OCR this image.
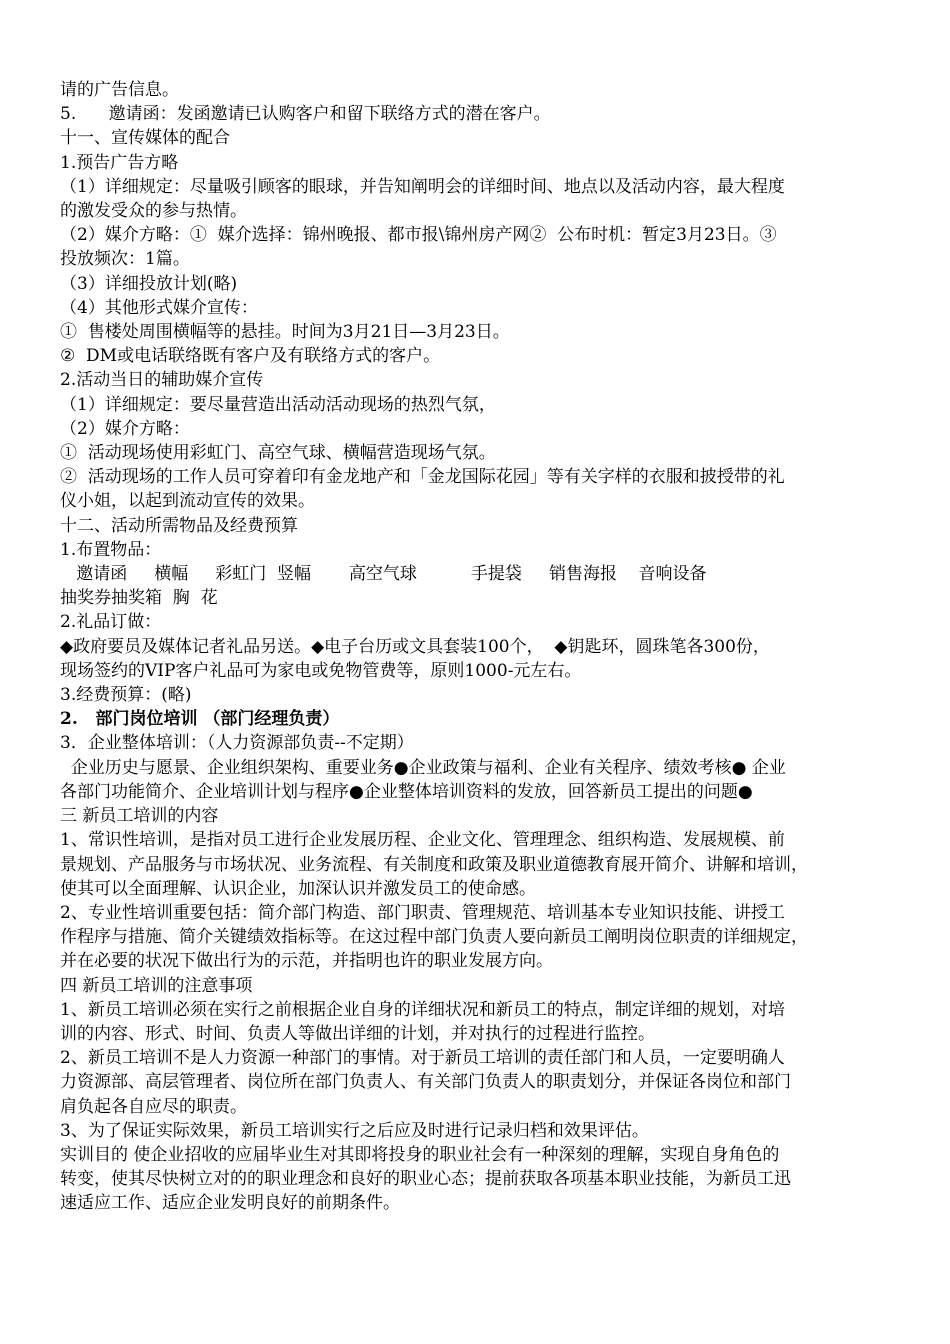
请的广告信息。
5.      邀请函：发函邀请已认购客户和留下联络方式的潜在客户。
十一、宣传媒体的配合
1.预告广告方略
（1）详细规定：尽量吸引顾客的眼球，并告知阐明会的详细时间、地点以及活动内容，最大程度
的激发受众的参与热情。
（2）媒介方略：①  媒介选择：锦州晚报、都市报\锦州房产网②  公布时机：暂定3月23日。③
投放频次：1篇。
（3）详细投放计划(略)
（4）其他形式媒介宣传：
①  售楼处周围横幅等的悬挂。时间为3月21日—3月23日。
②  DM或电话联络既有客户及有联络方式的客户。
2.活动当日的辅助媒介宣传
（1）详细规定：要尽量营造出活动活动现场的热烈气氛，
（2）媒介方略：
①  活动现场使用彩虹门、高空气球、横幅营造现场气氛。
②  活动现场的工作人员可穿着印有金龙地产和「金龙国际花园」等有关字样的衣服和披授带的礼
仪小姐，以起到流动宣传的效果。
十二、活动所需物品及经费预算
1.布置物品：
邀请函     横幅     彩虹门  竖幅       高空气球          手提袋     销售海报    音响设备
抽奖券抽奖箱  胸  花
2.礼品订做：
◆政府要员及媒体记者礼品另送。◆电子台历或文具套装100个，  ◆钥匙环，圆珠笔各300份，
现场签约的VIP客户礼品可为家电或免物管费等，原则1000-元左右。
3.经费预算：(略)
2.   部门岗位培训 （部门经理负责）
3．企业整体培训：（人力资源部负责--不定期）
企业历史与愿景、企业组织架构、重要业务●企业政策与福利、企业有关程序、绩效考核● 企业
各部门功能简介、企业培训计划与程序●企业整体培训资料的发放，回答新员工提出的问题●
三 新员工培训的内容
1、常识性培训，是指对员工进行企业发展历程、企业文化、管理理念、组织构造、发展规模、前
景规划、产品服务与市场状况、业务流程、有关制度和政策及职业道德教育展开简介、讲解和培训，
使其可以全面理解、认识企业，加深认识并激发员工的使命感。
2、专业性培训重要包括：简介部门构造、部门职责、管理规范、培训基本专业知识技能、讲授工
作程序与措施、简介关键绩效指标等。在这过程中部门负责人要向新员工阐明岗位职责的详细规定，
并在必要的状况下做出行为的示范，并指明也许的职业发展方向。
四 新员工培训的注意事项
1、新员工培训必须在实行之前根据企业自身的详细状况和新员工的特点，制定详细的规划，对培
训的内容、形式、时间、负责人等做出详细的计划，并对执行的过程进行监控。
2、新员工培训不是人力资源一种部门的事情。对于新员工培训的责任部门和人员，一定要明确人
力资源部、高层管理者、岗位所在部门负责人、有关部门负责人的职责划分，并保证各岗位和部门
肩负起各自应尽的职责。
3、为了保证实际效果，新员工培训实行之后应及时进行记录归档和效果评估。
实训目的 使企业招收的应届毕业生对其即将投身的职业社会有一种深刻的理解，实现自身角色的
转变，使其尽快树立对的的职业理念和良好的职业心态；提前获取各项基本职业技能，为新员工迅
速适应工作、适应企业发明良好的前期条件。
